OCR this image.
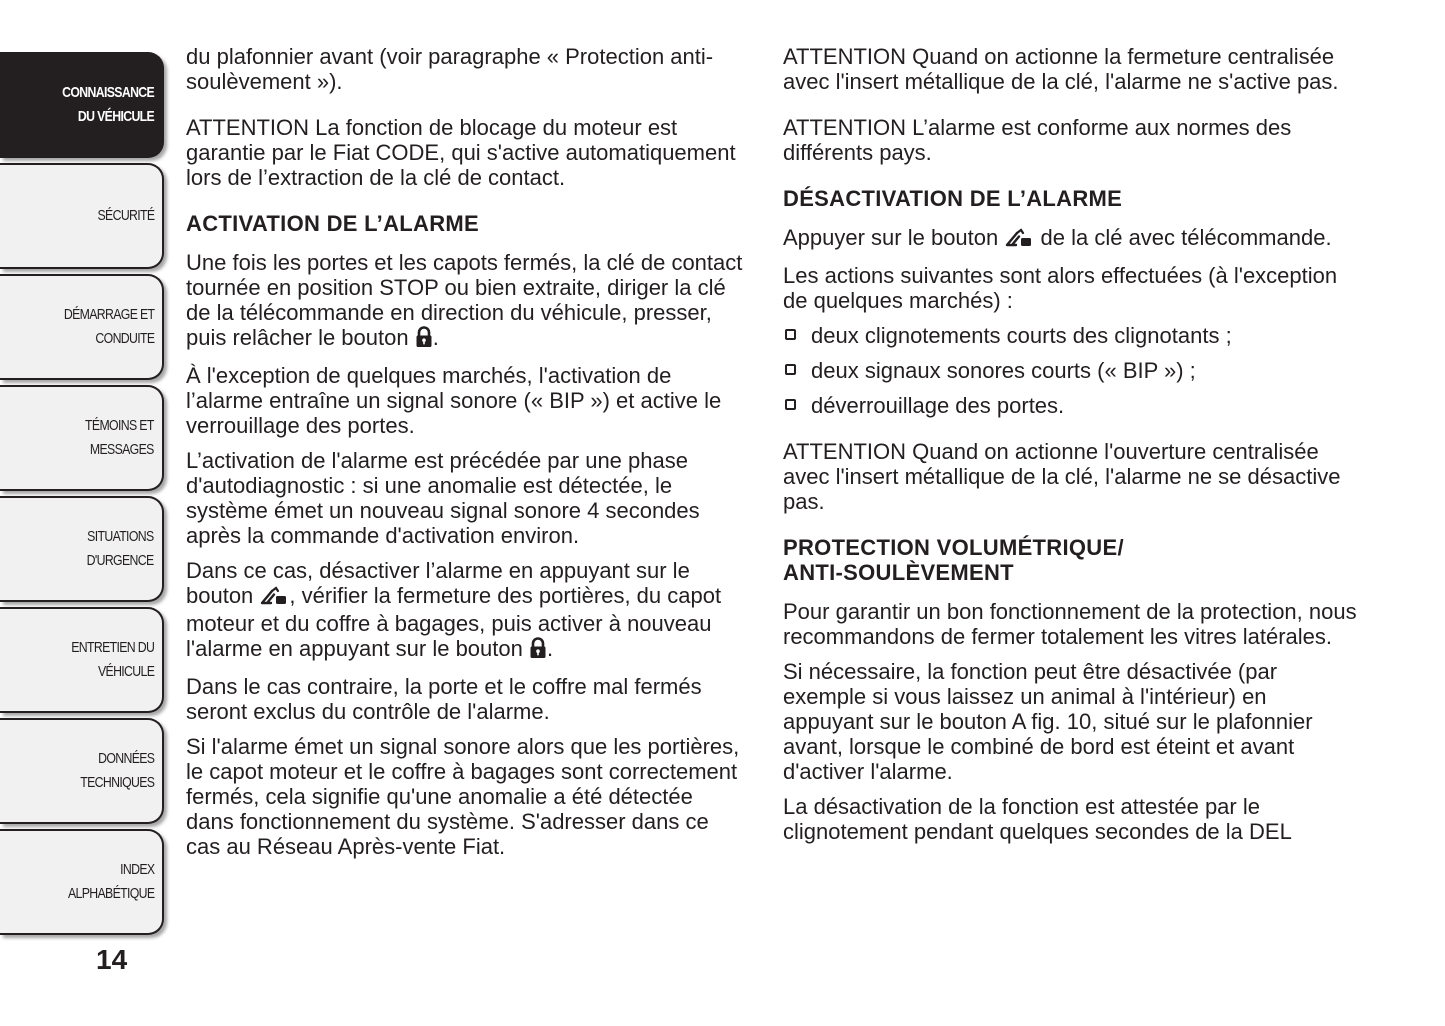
CONNAISSANCE
DU VÉHICULE
SÉCURITÉ
DÉMARRAGE ET
CONDUITE
TÉMOINS ET
MESSAGES
SITUATIONS
D'URGENCE
ENTRETIEN DU
VÉHICULE
DONNÉES
TECHNIQUES
INDEX
ALPHABÉTIQUE
14

du plafonnier avant (voir paragraphe « Protection anti-soulèvement »).

ATTENTION La fonction de blocage du moteur est garantie par le Fiat CODE, qui s'active automatiquement lors de l’extraction de la clé de contact.

ACTIVATION DE L’ALARME

Une fois les portes et les capots fermés, la clé de contact tournée en position STOP ou bien extraite, diriger la clé de la télécommande en direction du véhicule, presser, puis relâcher le bouton .

À l'exception de quelques marchés, l'activation de l’alarme entraîne un signal sonore (« BIP ») et active le verrouillage des portes.

L’activation de l'alarme est précédée par une phase d'autodiagnostic : si une anomalie est détectée, le système émet un nouveau signal sonore 4 secondes après la commande d'activation environ.

Dans ce cas, désactiver l’alarme en appuyant sur le bouton , vérifier la fermeture des portières, du capot moteur et du coffre à bagages, puis activer à nouveau l'alarme en appuyant sur le bouton .

Dans le cas contraire, la porte et le coffre mal fermés seront exclus du contrôle de l'alarme.

Si l'alarme émet un signal sonore alors que les portières, le capot moteur et le coffre à bagages sont correctement fermés, cela signifie qu'une anomalie a été détectée dans fonctionnement du système. S'adresser dans ce cas au Réseau Après-vente Fiat.

ATTENTION Quand on actionne la fermeture centralisée avec l'insert métallique de la clé, l'alarme ne s'active pas.

ATTENTION L’alarme est conforme aux normes des différents pays.

DÉSACTIVATION DE L’ALARME

Appuyer sur le bouton de la clé avec télécommande.

Les actions suivantes sont alors effectuées (à l'exception de quelques marchés) :

deux clignotements courts des clignotants ;
deux signaux sonores courts (« BIP ») ;
déverrouillage des portes.

ATTENTION Quand on actionne l'ouverture centralisée avec l'insert métallique de la clé, l'alarme ne se désactive pas.

PROTECTION VOLUMÉTRIQUE/
ANTI-SOULÈVEMENT

Pour garantir un bon fonctionnement de la protection, nous recommandons de fermer totalement les vitres latérales.

Si nécessaire, la fonction peut être désactivée (par exemple si vous laissez un animal à l'intérieur) en appuyant sur le bouton A fig. 10, situé sur le plafonnier avant, lorsque le combiné de bord est éteint et avant d'activer l'alarme.

La désactivation de la fonction est attestée par le clignotement pendant quelques secondes de la DEL
